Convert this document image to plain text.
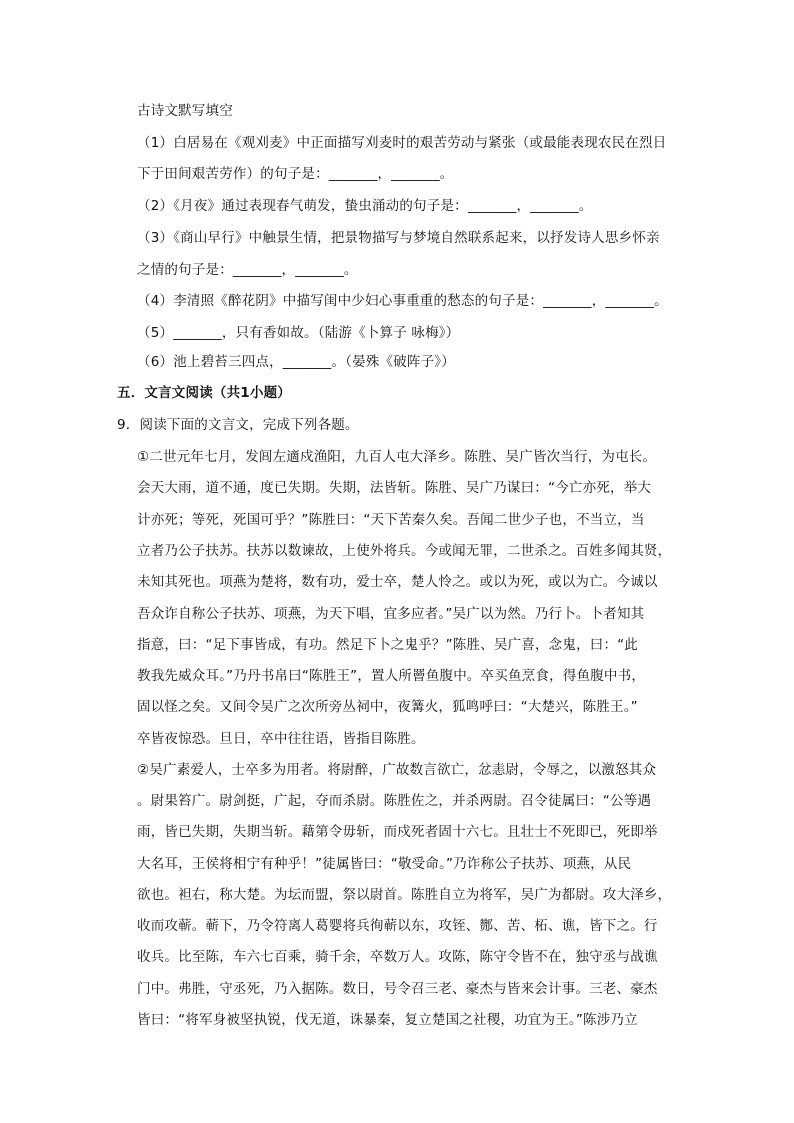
古诗文默写填空
（1）白居易在《观刈麦》中正面描写刈麦时的艰苦劳动与紧张（或最能表现农民在烈日
下于田间艰苦劳作）的句子是：_______，_______。
（2）《月夜》通过表现春气萌发，蛰虫涌动的句子是：_______，_______。
（3）《商山早行》中触景生情，把景物描写与梦境自然联系起来，以抒发诗人思乡怀亲
之情的句子是：_______，_______。
（4）李清照《醉花阴》中描写闺中少妇心事重重的愁态的句子是：_______，_______。
（5）_______，只有香如故。（陆游《卜算子 咏梅》）
（6）池上碧苔三四点，_______。（晏殊《破阵子》）
五．文言文阅读（共1小题）
9．阅读下面的文言文，完成下列各题。
①二世元年七月，发闾左適戍渔阳，九百人屯大泽乡。陈胜、吴广皆次当行，为屯长。
会天大雨，道不通，度已失期。失期，法皆斩。陈胜、吴广乃谋曰：“今亡亦死，举大
计亦死；等死，死国可乎？”陈胜曰：“天下苦秦久矣。吾闻二世少子也，不当立，当
立者乃公子扶苏。扶苏以数谏故，上使外将兵。今或闻无罪，二世杀之。百姓多闻其贤，
未知其死也。项燕为楚将，数有功，爱士卒，楚人怜之。或以为死，或以为亡。今诚以
吾众诈自称公子扶苏、项燕，为天下唱，宜多应者。”吴广以为然。乃行卜。卜者知其
指意，曰：“足下事皆成，有功。然足下卜之鬼乎？”陈胜、吴广喜，念鬼，曰：“此
教我先威众耳。”乃丹书帛曰“陈胜王”，置人所罾鱼腹中。卒买鱼烹食，得鱼腹中书，
固以怪之矣。又间令吴广之次所旁丛祠中，夜篝火，狐鸣呼曰：“大楚兴，陈胜王。”
卒皆夜惊恐。旦日，卒中往往语，皆指目陈胜。
②吴广素爱人，士卒多为用者。将尉醉，广故数言欲亡，忿恚尉，令辱之，以激怒其众
。尉果笞广。尉剑挺，广起，夺而杀尉。陈胜佐之，并杀两尉。召令徒属曰：“公等遇
雨，皆已失期，失期当斩。藉第令毋斩，而戍死者固十六七。且壮士不死即已，死即举
大名耳，王侯将相宁有种乎！”徒属皆曰：“敬受命。”乃诈称公子扶苏、项燕，从民
欲也。袒右，称大楚。为坛而盟，祭以尉首。陈胜自立为将军，吴广为都尉。攻大泽乡，
收而攻蕲。蕲下，乃令符离人葛婴将兵徇蕲以东，攻铚、酂、苦、柘、谯，皆下之。行
收兵。比至陈，车六七百乘，骑千余，卒数万人。攻陈，陈守令皆不在，独守丞与战谯
门中。弗胜，守丞死，乃入据陈。数日，号令召三老、豪杰与皆来会计事。三老、豪杰
皆曰：“将军身被坚执锐，伐无道，诛暴秦，复立楚国之社稷，功宜为王。”陈涉乃立
